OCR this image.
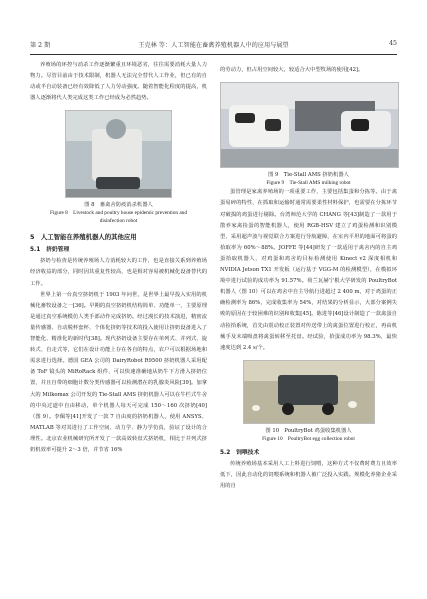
第 2 期	王克林 等：人工智能在畜禽养殖机器人中的应用与展望	45

养殖场的环控与消杀工作逐渐繁重且环境恶劣，往往需要消耗大量人力物力。尽管目前由于技术限制，机器人无法完全替代人工作业，但已有的自动或半自动装备已经有效降低了人力劳动强度。随着智能化程度的提高，机器人逐渐将代人类完成这类工作已经成为必然趋势。

图 8　畜禽舍防疫消杀机器人
Figure 8　Livestock and poultry house epidemic prevention and
disinfection robot
5　人工智能在养殖机器人的其他应用
5.1　挤奶管理

挤奶与检查是传统养殖场人力消耗较大的工作，也是直接关系到养殖场经济收益的部分，同时因其重复性较高，也是相对容易被机械化设备替代的工作。

世界上第一台真空挤奶机于 1903 年问世，是世界上最早投入实用的机械化畜牧设备之一[36]。早期的真空挤奶机结构简单、功能单一，主要原理是通过真空系统模仿人类手部动作完成挤奶。经过漫长的技术演进，精密流量传感器、自动脱杯套杯、个体化挤奶等技术的投入使用让挤奶设备进入了智能化、精准化的新时代[38]。现代挤奶设备主要存在单列式、并列式、旋转式、自走式等，它们在设计功能上存在各自的特点，农户可以根据场地和需求进行选择。德国 GEA 公司的 DairyRobot R9500 挤奶机器人采用配备 ToF 镜头的 MiRoRack 组件，可以快速准确地从奶牛下方滑入挤奶位置，并且自带的细胞计数分类传感器可以检测潜在的乳腺炎风险[39]。加拿大的 Milkomax 公司开发的 Tie-Stall AMS 挤奶机器人可以在牛栏式牛舍的中央过道中自由移动，单个机器人每天可完成 150～160 次挤奶[40]（图 9）。李佩等[41]开发了一款 7 自由度的挤奶机器人，使用 ANSYS、MATLAB 等对其进行了工作空间、动力学、静力学仿真，验证了设计的合理性。北京农业机械研究所开发了一款高效转盘式挤奶机，相比于并列式挤奶机效率可提升 2～3 倍，并节省 16%

的劳动力，但占用空间较大，较适合大中型牧场的使用[42]。

图 9　Tie-Stall AMS 挤奶机器人
Figure 9　Tie-Stall AMS milking robot

蛋管理是家禽养殖场的一项重要工作，主要包括集蛋和分拣等。由于禽蛋易碎的特性，在抓取和运输时通常需要柔性材料保护，也需要在分拣环节对破损的鸡蛋进行剔除。台湾师范大学的 CHANG 等[43]制造了一款用于散养家禽捡蛋的智能机器人，使用 RGB-HSV 建立了鸡蛋检测和识别模型，采用超声波与视觉联合方案进行导航避障，在室内平坦的地面可将蛋的拾取率为 60%～88%。JOFFE 等[44]研发了一款适用于禽舍内的自主鸡蛋拾取机器人，对鸡蛋和鸡舍的目标检测使用 Kinect v2 深度相机和 NVIDIA Jetson TX1 开发板（运行基于 VGG-M 的检测模型），在模拟环境中进行试验的成功率为 91.57%。荷兰瓦赫宁根大学研发的 PoultryBot 机器人（图 10）可以在鸡舍中自主导航行进超过 2 400 m，对于鸡蛋的正确检测率为 86%，完成收集率为 54%，对结果的分析显示，大部分案例失败的原因在于较困难的识别和收集[45]。陈进等[46]设计制造了一款禽蛋自动捡拾系统，首先由震动校正装置对传送带上的禽蛋位置进行校正，再由机械手及末端吸盘将禽蛋转移至托盘。经试验，拾蛋成功率为 98.3%，最快速度达到 2.4 s/个。

图 10　PoultryBot 鸡蛋收集机器人
Figure 10　PoultryBot egg collection robot
5.2　饲喂技术

传统养殖场基本采用人工上料进行饲喂，这种方式不仅费时费力且效率低下，因此自动化的饲喂系统和机器人被广泛投入实践。规模化养猪企业采用的自
